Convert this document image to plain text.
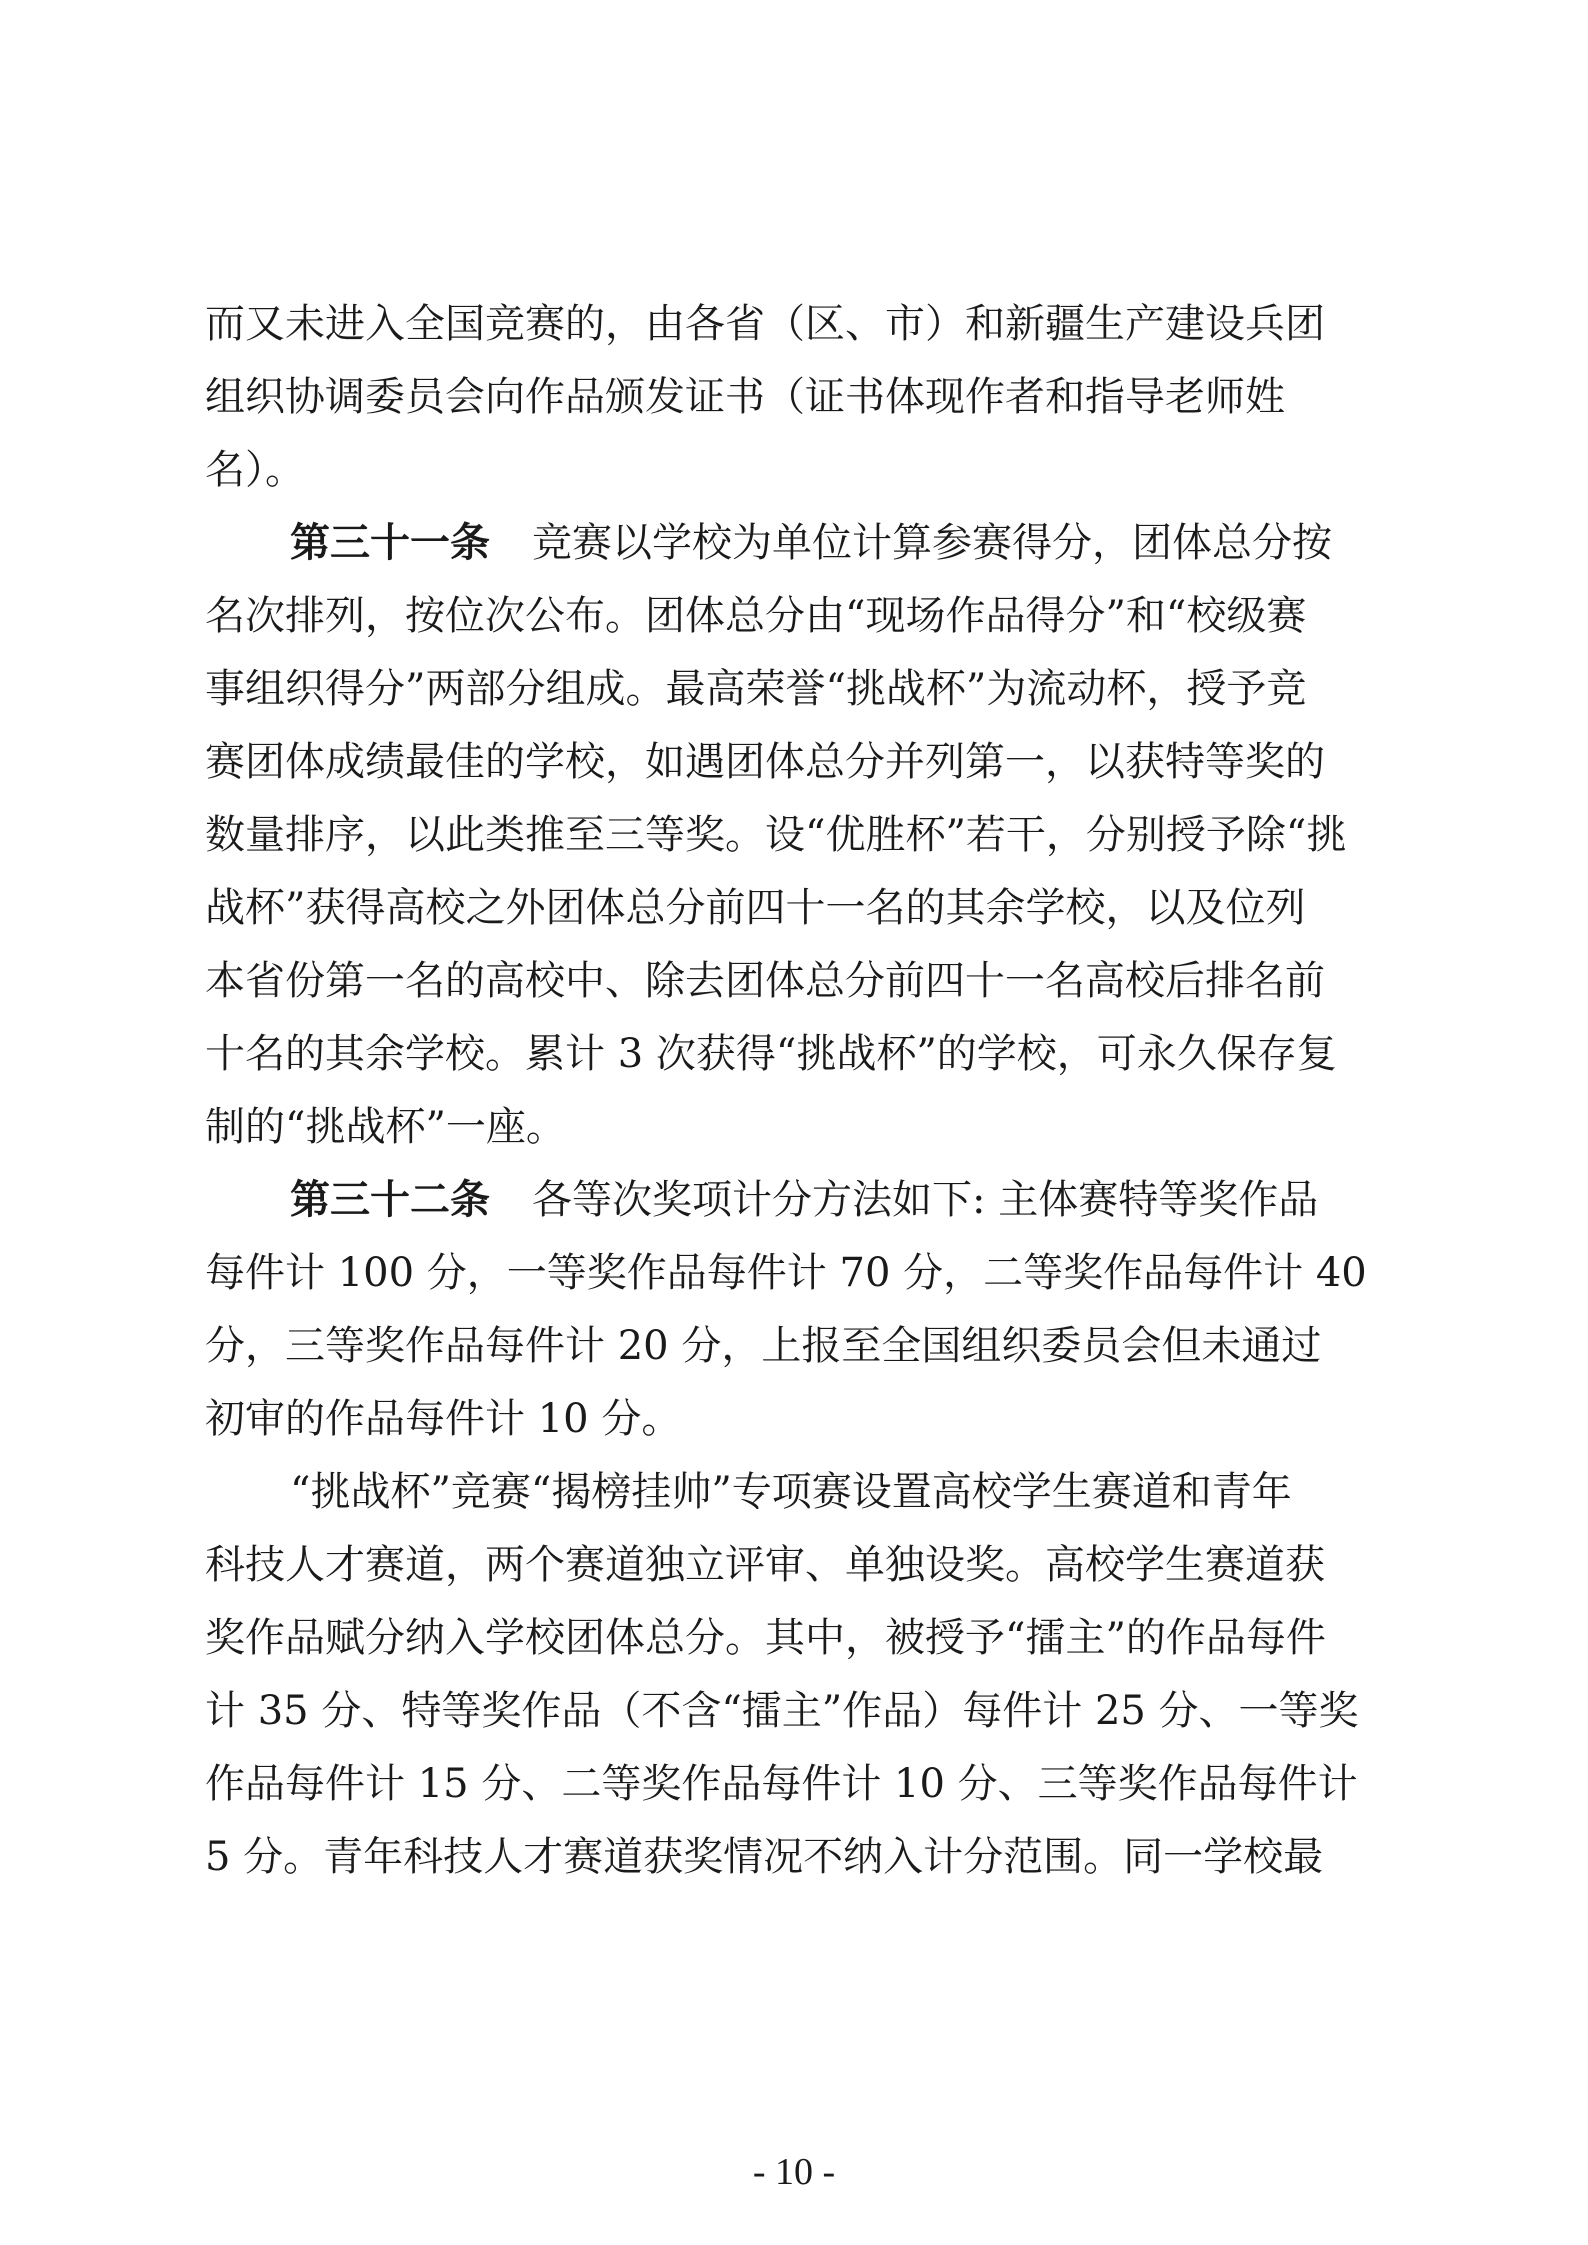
而又未进入全国竞赛的，由各省（区、市）和新疆生产建设兵团
组织协调委员会向作品颁发证书（证书体现作者和指导老师姓
名）。
第三十一条 竞赛以学校为单位计算参赛得分，团体总分按
名次排列，按位次公布。团体总分由“现场作品得分”和“校级赛
事组织得分”两部分组成。最高荣誉“挑战杯”为流动杯，授予竞
赛团体成绩最佳的学校，如遇团体总分并列第一，以获特等奖的
数量排序，以此类推至三等奖。设“优胜杯”若干，分别授予除“挑
战杯”获得高校之外团体总分前四十一名的其余学校，以及位列
本省份第一名的高校中、除去团体总分前四十一名高校后排名前
十名的其余学校。累计 3 次获得“挑战杯”的学校，可永久保存复
制的“挑战杯”一座。
第三十二条 各等次奖项计分方法如下: 主体赛特等奖作品
每件计 100 分，一等奖作品每件计 70 分，二等奖作品每件计 40
分，三等奖作品每件计 20 分，上报至全国组织委员会但未通过
初审的作品每件计 10 分。
“挑战杯”竞赛“揭榜挂帅”专项赛设置高校学生赛道和青年
科技人才赛道，两个赛道独立评审、单独设奖。高校学生赛道获
奖作品赋分纳入学校团体总分。其中，被授予“擂主”的作品每件
计 35 分、特等奖作品（不含“擂主”作品）每件计 25 分、一等奖
作品每件计 15 分、二等奖作品每件计 10 分、三等奖作品每件计
5 分。青年科技人才赛道获奖情况不纳入计分范围。同一学校最
- 10 -
